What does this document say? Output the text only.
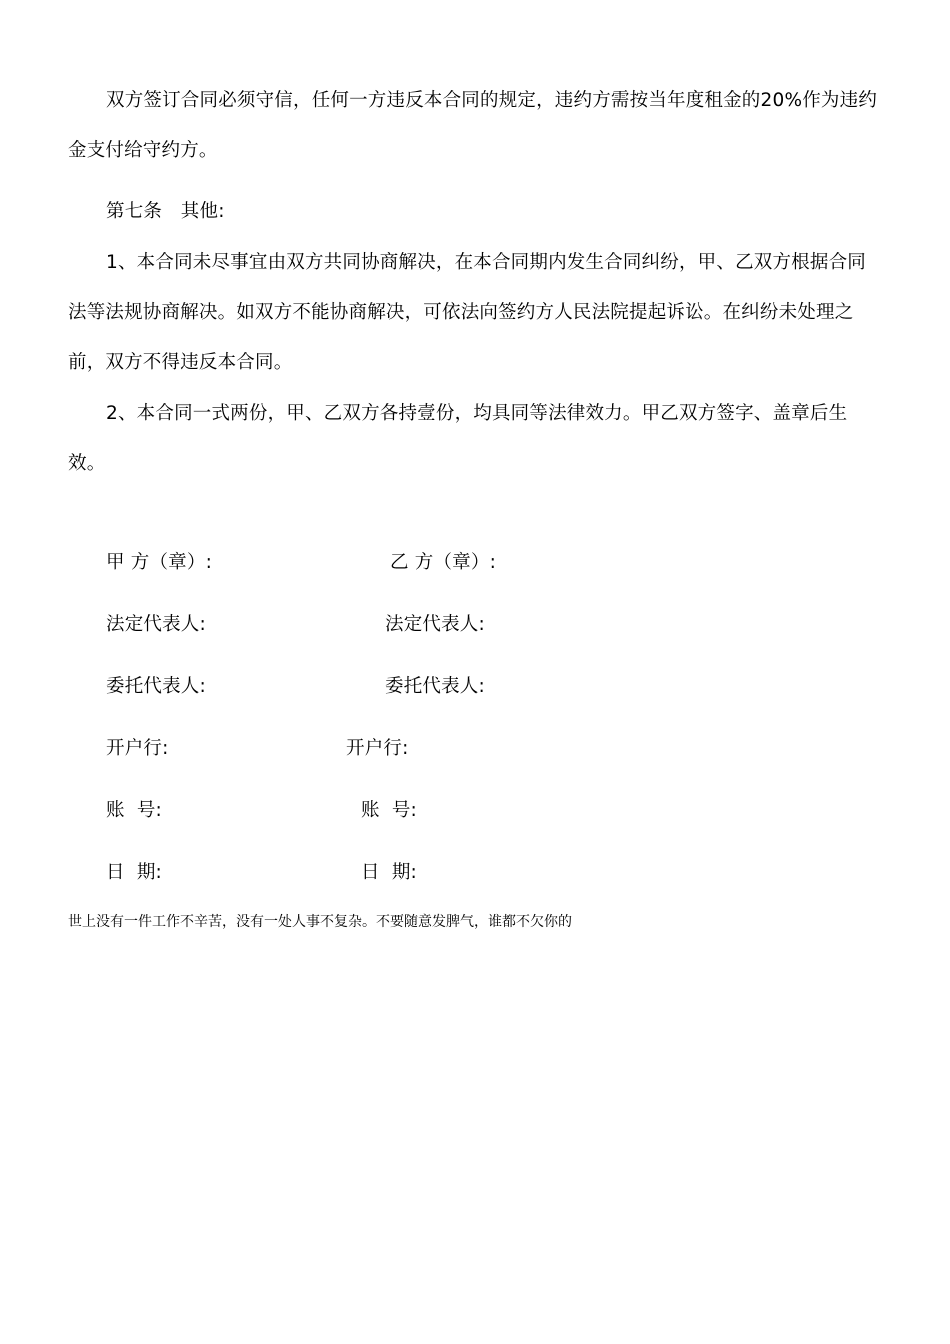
双方签订合同必须守信，任何一方违反本合同的规定，违约方需按当年度租金的20%作为违约金支付给守约方。

第七条　其他:

1、本合同未尽事宜由双方共同协商解决，在本合同期内发生合同纠纷，甲、乙双方根据合同法等法规协商解决。如双方不能协商解决，可依法向签约方人民法院提起诉讼。在纠纷未处理之前，双方不得违反本合同。

2、本合同一式两份，甲、乙双方各持壹份，均具同等法律效力。甲乙双方签字、盖章后生效。

甲 方（章）:
法定代表人:
委托代表人:
开户行:
账  号:
日  期:
乙 方（章）:
法定代表人:
委托代表人:
开户行:
账  号:
日  期:
世上没有一件工作不辛苦，没有一处人事不复杂。不要随意发脾气，谁都不欠你的
